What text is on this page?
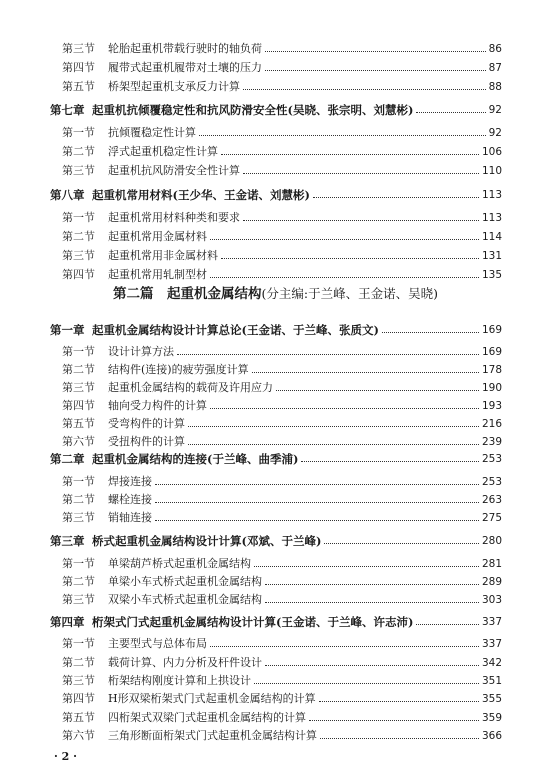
第二篇　起重机金属结构(分主编:于兰峰、王金诺、吴晓)
第三节	轮胎起重机带载行驶时的轴负荷	86
第四节	履带式起重机履带对土壤的压力	87
第五节	桥架型起重机支承反力计算	88
第七章 起重机抗倾覆稳定性和抗风防滑安全性(吴晓、张宗明、刘慧彬)	92
第一节	抗倾覆稳定性计算	92
第二节	浮式起重机稳定性计算	106
第三节	起重机抗风防滑安全性计算	110
第八章 起重机常用材料(王少华、王金诺、刘慧彬)	113
第一节	起重机常用材料种类和要求	113
第二节	起重机常用金属材料	114
第三节	起重机常用非金属材料	131
第四节	起重机常用轧制型材	135
第一章 起重机金属结构设计计算总论(王金诺、于兰峰、张质文)	169
第一节	设计计算方法	169
第二节	结构件(连接)的疲劳强度计算	178
第三节	起重机金属结构的载荷及许用应力	190
第四节	轴向受力构件的计算	193
第五节	受弯构件的计算	216
第六节	受扭构件的计算	239
第二章 起重机金属结构的连接(于兰峰、曲季浦)	253
第一节	焊接连接	253
第二节	螺栓连接	263
第三节	销轴连接	275
第三章 桥式起重机金属结构设计计算(邓斌、于兰峰)	280
第一节	单梁葫芦桥式起重机金属结构	281
第二节	单梁小车式桥式起重机金属结构	289
第三节	双梁小车式桥式起重机金属结构	303
第四章 桁架式门式起重机金属结构设计计算(王金诺、于兰峰、许志沛)	337
第一节	主要型式与总体布局	337
第二节	载荷计算、内力分析及杆件设计	342
第三节	桁架结构刚度计算和上拱设计	351
第四节	H形双梁桁架式门式起重机金属结构的计算	355
第五节	四桁架式双梁门式起重机金属结构的计算	359
第六节	三角形断面桁架式门式起重机金属结构计算	366
· 2 ·
